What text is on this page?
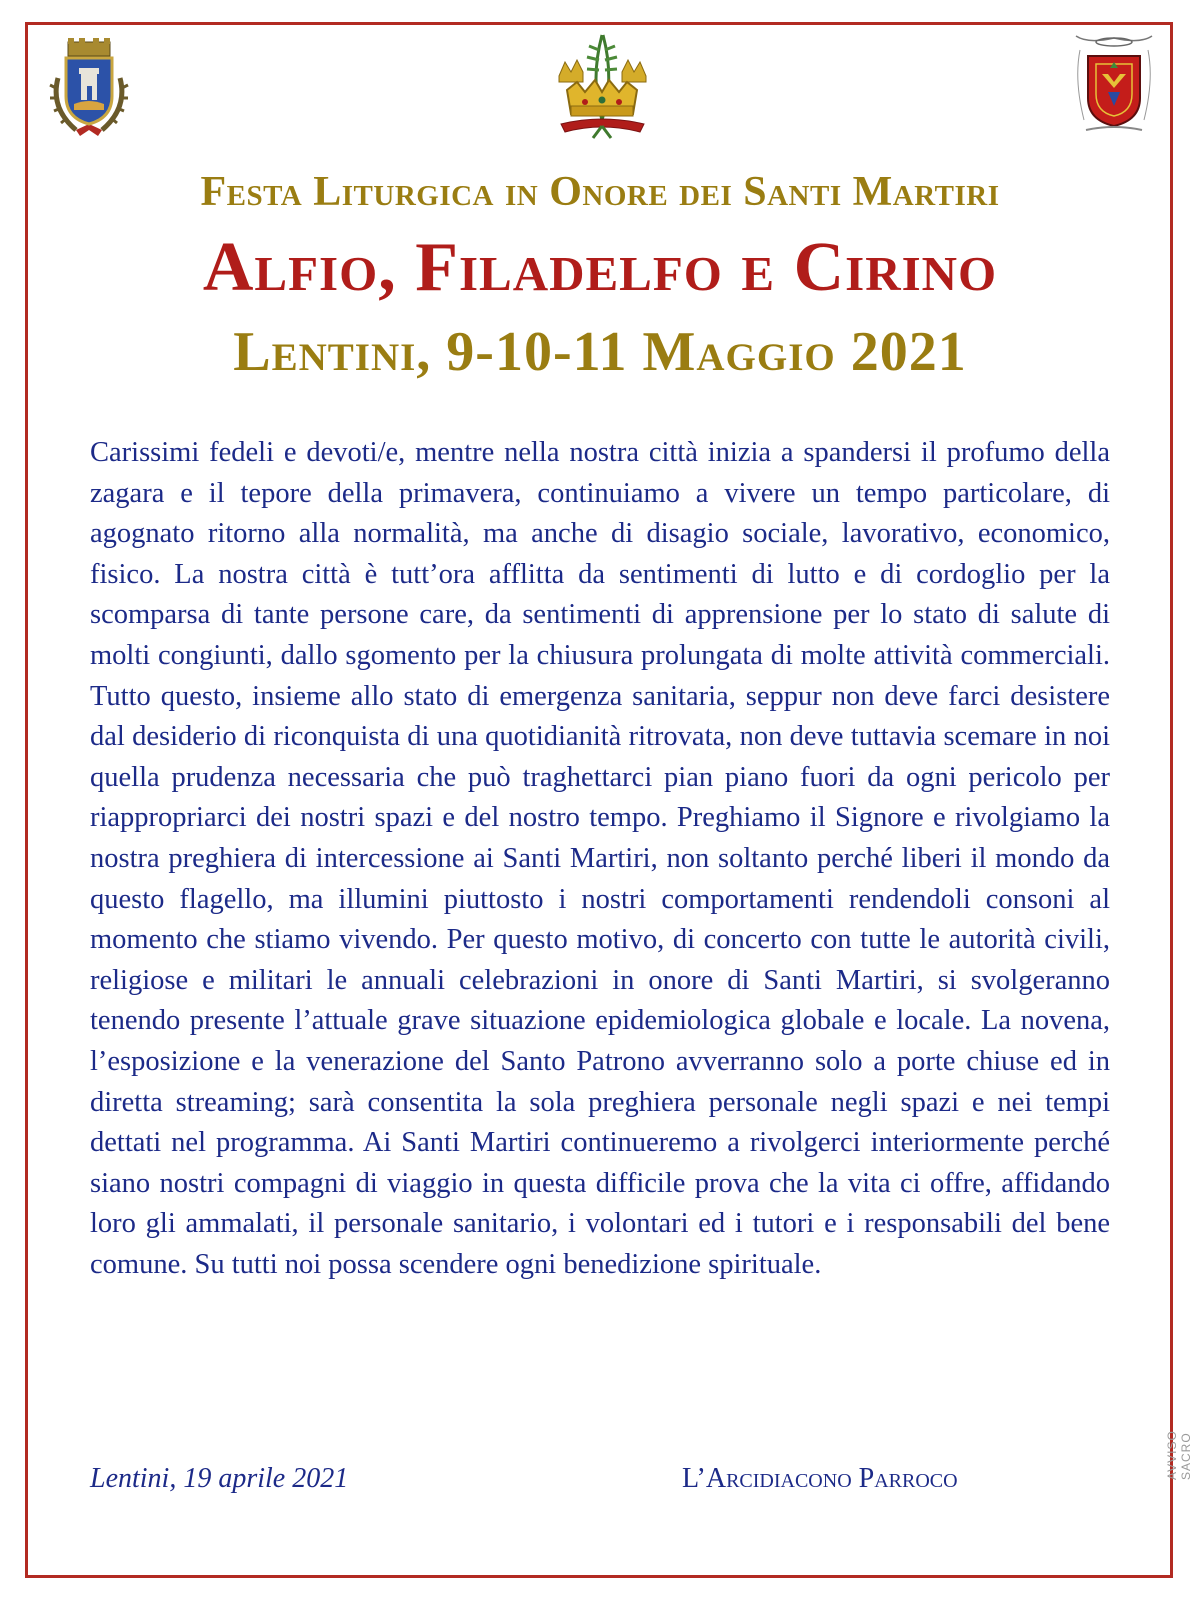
Festa Liturgica in Onore dei Santi Martiri
Alfio, Filadelfo e Cirino
Lentini, 9-10-11 Maggio 2021

Carissimi fedeli e devoti/e, mentre nella nostra città inizia a spandersi il profumo della zagara e il tepore della primavera, continuiamo a vivere un tempo particolare, di agognato ritorno alla normalità, ma anche di disagio sociale, lavorativo, economico, fisico. La nostra città è tutt’ora afflitta da sentimenti di lutto e di cordoglio per la scomparsa di tante persone care, da sentimenti di apprensione per lo stato di salute di molti congiunti, dallo sgomento per la chiusura prolungata di molte attività commerciali. Tutto questo, insieme allo stato di emergenza sanitaria, seppur non deve farci desistere dal desiderio di riconquista di una quotidianità ritrovata, non deve tuttavia scemare in noi quella prudenza necessaria che può traghettarci pian piano fuori da ogni pericolo per riappropriarci dei nostri spazi e del nostro tempo. Preghiamo il Signore e rivolgiamo la nostra preghiera di intercessione ai Santi Martiri, non soltanto perché liberi il mondo da questo flagello, ma illumini piuttosto i nostri comportamenti rendendoli consoni al momento che stiamo vivendo. Per questo motivo, di concerto con tutte le autorità civili, religiose e militari le annuali celebrazioni in onore di Santi Martiri, si svolgeranno tenendo presente l’attuale grave situazione epidemiologica globale e locale. La novena, l’esposizione e la venerazione del Santo Patrono avverranno solo a porte chiuse ed in diretta streaming; sarà consentita la sola preghiera personale negli spazi e nei tempi dettati nel programma. Ai Santi Martiri continueremo a rivolgerci interiormente perché siano nostri compagni di viaggio in questa difficile prova che la vita ci offre, affidando loro gli ammalati, il personale sanitario, i volontari ed i tutori e i responsabili del bene comune. Su tutti noi possa scendere ogni benedizione spirituale.

Lentini, 19 aprile 2021	L’Arcidiacono Parroco	AVVISO SACRO
